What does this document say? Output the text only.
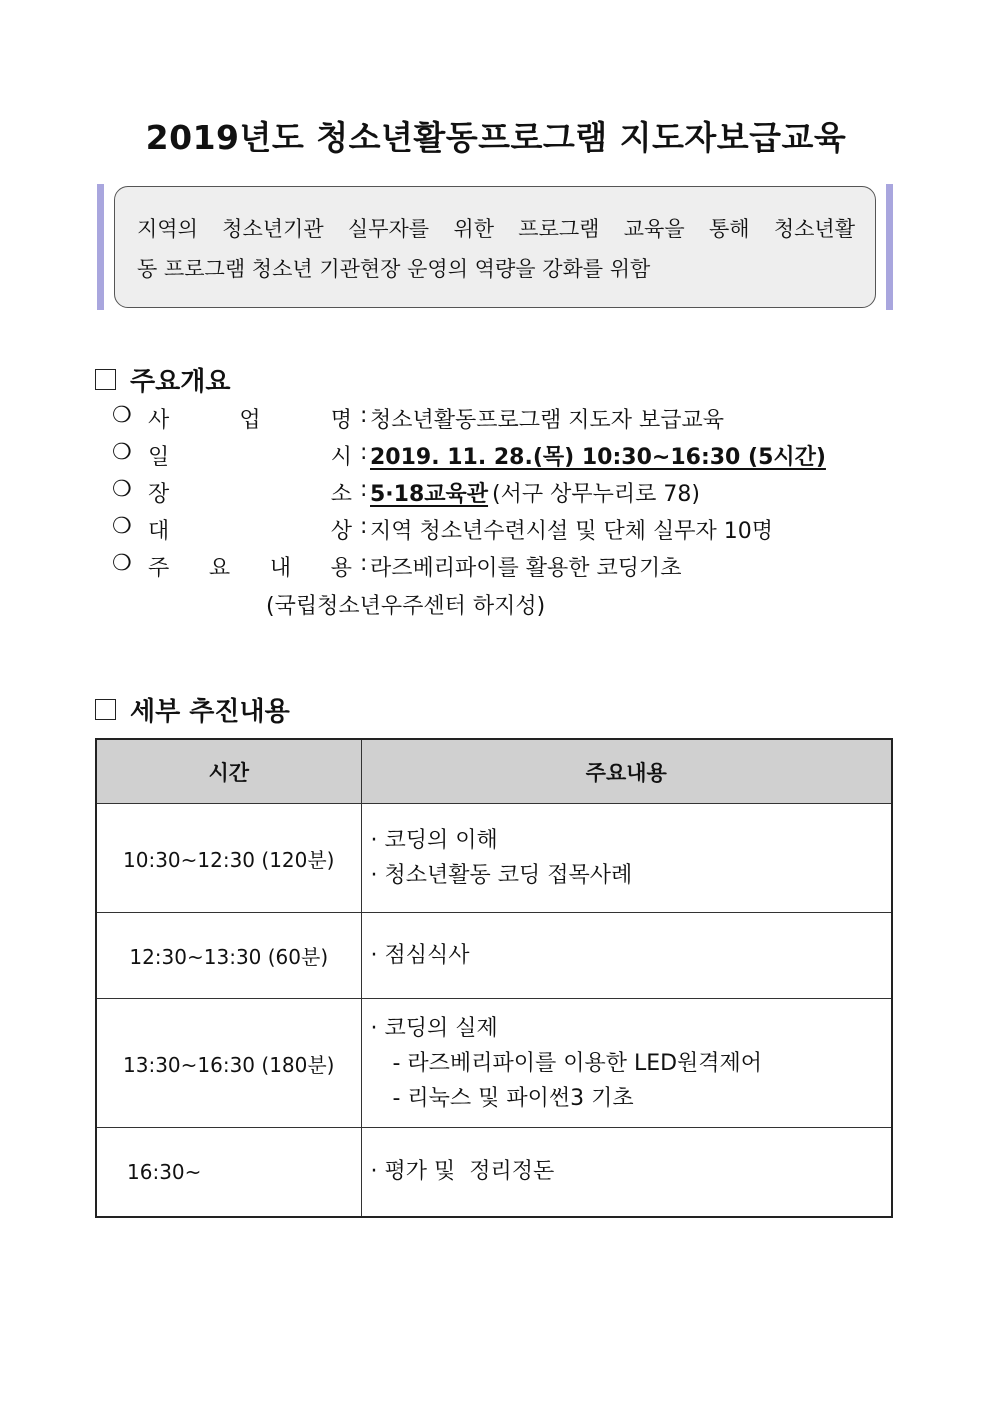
2019년도 청소년활동프로그램 지도자보급교육
지역의 청소년기관 실무자를 위한 프로그램 교육을 통해 청소년활
동 프로그램 청소년 기관현장 운영의 역량을 강화를 위함
주요개요
❍ 사	업	명 : 청소년활동프로그램 지도자 보급교육
❍ 일	시 : 2019. 11. 28.(목) 10:30~16:30 (5시간)
❍ 장	소 : 5·18교육관 (서구 상무누리로 78)
❍ 대	상 : 지역 청소년수련시설 및 단체 실무자 10명
❍ 주 요 내 용 : 라즈베리파이를 활용한 코딩기초
(국립청소년우주센터 하지성)
세부 추진내용
시간	주요내용
10:30~12:30 (120분)	· 코딩의 이해
· 청소년활동 코딩 접목사례

12:30~13:30 (60분)	· 점심식사

13:30~16:30 (180분)	· 코딩의 실제
- 라즈베리파이를 이용한 LED원격제어
- 리눅스 및 파이썬3 기초

16:30~	· 평가 및  정리정돈
